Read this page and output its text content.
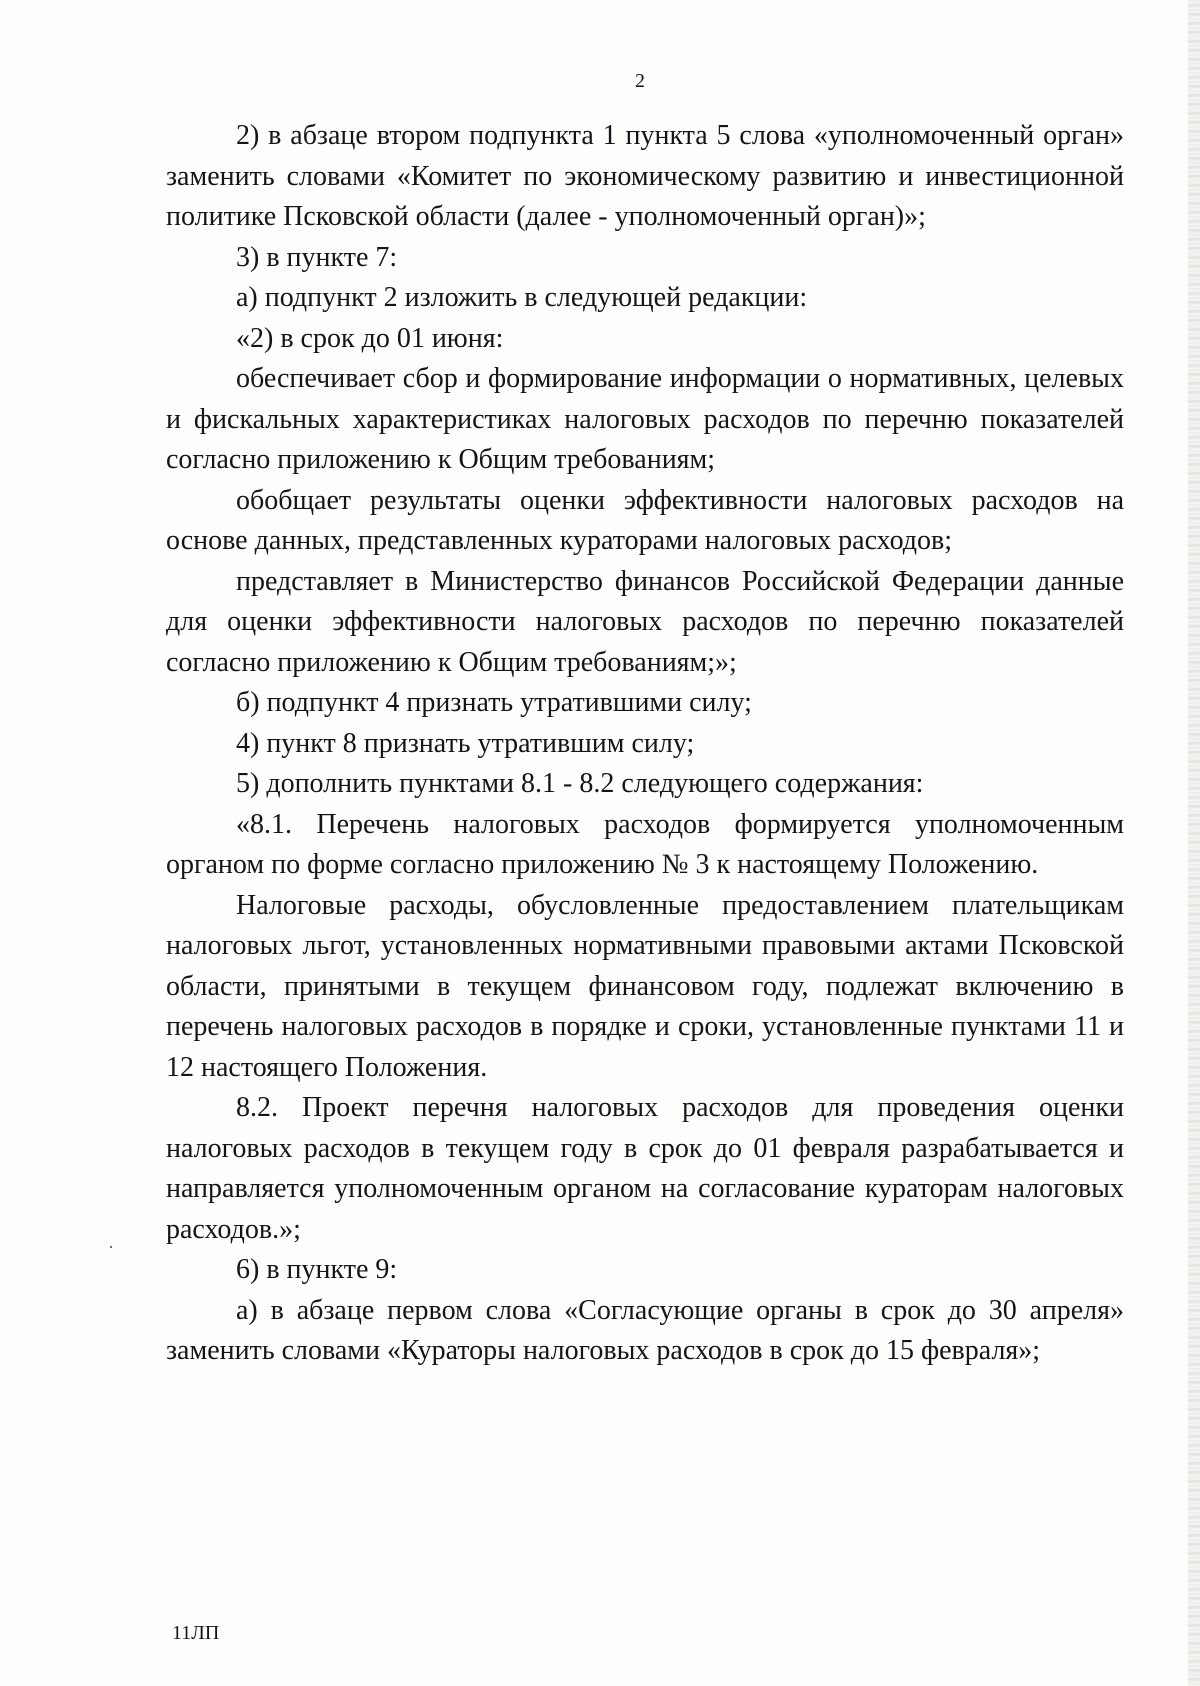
2

2) в абзаце втором подпункта 1 пункта 5 слова «уполномоченный орган» заменить словами «Комитет по экономическому развитию и инвестиционной политике Псковской области (далее - уполномоченный орган)»;

3) в пункте 7:

а) подпункт 2 изложить в следующей редакции:

«2) в срок до 01 июня:

обеспечивает сбор и формирование информации о нормативных, целевых и фискальных характеристиках налоговых расходов по перечню показателей согласно приложению к Общим требованиям;

обобщает результаты оценки эффективности налоговых расходов на основе данных, представленных кураторами налоговых расходов;

представляет в Министерство финансов Российской Федерации данные для оценки эффективности налоговых расходов по перечню показателей согласно приложению к Общим требованиям;»;

б) подпункт 4 признать утратившими силу;

4) пункт 8 признать утратившим силу;

5) дополнить пунктами 8.1 - 8.2 следующего содержания:

«8.1. Перечень налоговых расходов формируется уполномоченным органом по форме согласно приложению № 3 к настоящему Положению.

Налоговые расходы, обусловленные предоставлением плательщикам налоговых льгот, установленных нормативными правовыми актами Псковской области, принятыми в текущем финансовом году, подлежат включению в перечень налоговых расходов в порядке и сроки, установленные пунктами 11 и 12 настоящего Положения.

8.2. Проект перечня налоговых расходов для проведения оценки налоговых расходов в текущем году в срок до 01 февраля разрабатывается и направляется уполномоченным органом на согласование кураторам налоговых расходов.»;

6) в пункте 9:

а) в абзаце первом слова «Согласующие органы в срок до 30 апреля» заменить словами «Кураторы налоговых расходов в срок до 15 февраля»;

11ЛП
